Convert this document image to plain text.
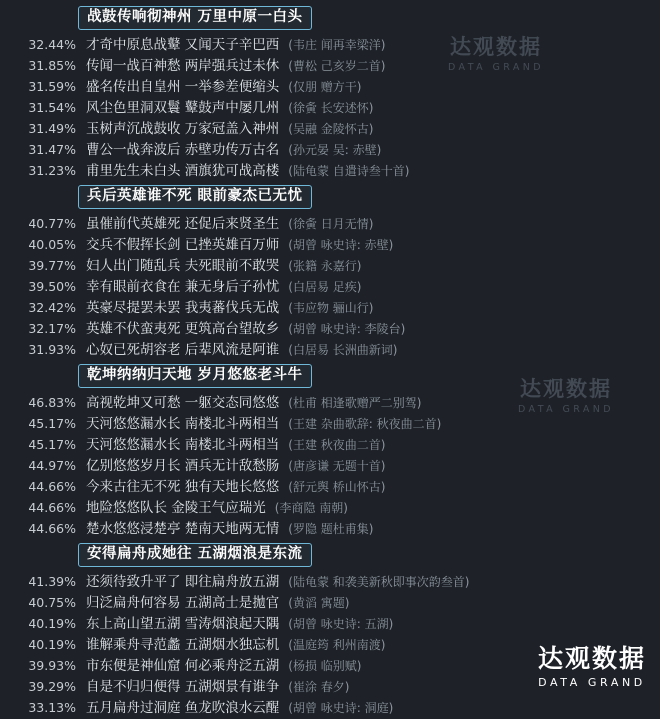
战鼓传响彻神州 万里中原一白头
32.44% 才奇中原息战鼙 又闻天子辛巴西 (韦庄 闻再幸梁洋)
31.85% 传闻一战百神愁 两岸强兵过未休 (曹松 己亥岁二首)
31.59% 盛名传出自皇州 一举参差便缩头 (仅朋 赠方干)
31.54% 风尘色里洞双鬟 鼙鼓声中屡几州 (徐夤 长安述怀)
31.49% 玉树声沉战鼓收 万家冠盖入神州 (吴融 金陵怀古)
31.47% 曹公一战奔波后 赤壁功传万古名 (孙元晏 吴: 赤壁)
31.23% 甫里先生未白头 酒旗犹可战高楼 (陆龟蒙 自遣诗叁十首)
兵后英雄谁不死 眼前豪杰已无忧
40.77% 虽催前代英雄死 还促后来贤圣生 (徐夤 日月无情)
40.05% 交兵不假挥长剑 已挫英雄百万师 (胡曾 咏史诗: 赤壁)
39.77% 妇人出门随乱兵 夫死眼前不敢哭 (张籍 永嘉行)
39.50% 幸有眼前衣食在 兼无身后子孙忧 (白居易 足疾)
32.42% 英豪尽提罢未罢 我夷蕃伐兵无战 (韦应物 骊山行)
32.17% 英雄不伏蛮夷死 更筑高台望故乡 (胡曾 咏史诗: 李陵台)
31.93% 心奴已死胡容老 后辈风流是阿谁 (白居易 长洲曲新词)
乾坤纳纳归天地 岁月悠悠老斗牛
46.83% 高视乾坤又可愁 一躯交态同悠悠 (杜甫 相逢歌赠严二别驾)
45.17% 天河悠悠漏水长 南楼北斗两相当 (王建 杂曲歌辞: 秋夜曲二首)
45.17% 天河悠悠漏水长 南楼北斗两相当 (王建 秋夜曲二首)
44.97% 亿别悠悠岁月长 酒兵无计敌愁肠 (唐彦谦 无题十首)
44.66% 今来古往无不死 独有天地长悠悠 (舒元舆 桥山怀古)
44.66% 地险悠悠队长 金陵王气应瑞光 (李商隐 南朝)
44.66% 楚水悠悠浸楚亭 楚南天地两无情 (罗隐 题杜甫集)
安得扁舟成她往 五湖烟浪是东流
41.39% 还须待致升平了 即往扁舟放五湖 (陆龟蒙 和袭美新秋即事次韵叁首)
40.75% 归泛扁舟何容易 五湖高士是拋官 (黄滔 寓题)
40.19% 东上高山望五湖 雪涛烟浪起天隅 (胡曾 咏史诗: 五湖)
40.19% 谁解乘舟寻范蠡 五湖烟水独忘机 (温庭筠 利州南渡)
39.93% 市东便是神仙窟 何必乘舟泛五湖 (杨损 临别赋)
39.29% 自是不归归便得 五湖烟景有谁争 (崔涂 春夕)
33.13% 五月扁舟过洞庭 鱼龙吹浪水云醒 (胡曾 咏史诗: 洞庭)
达观数据
DATA GRAND
达观数据
DATA GRAND
达观数据
DATA GRAND
